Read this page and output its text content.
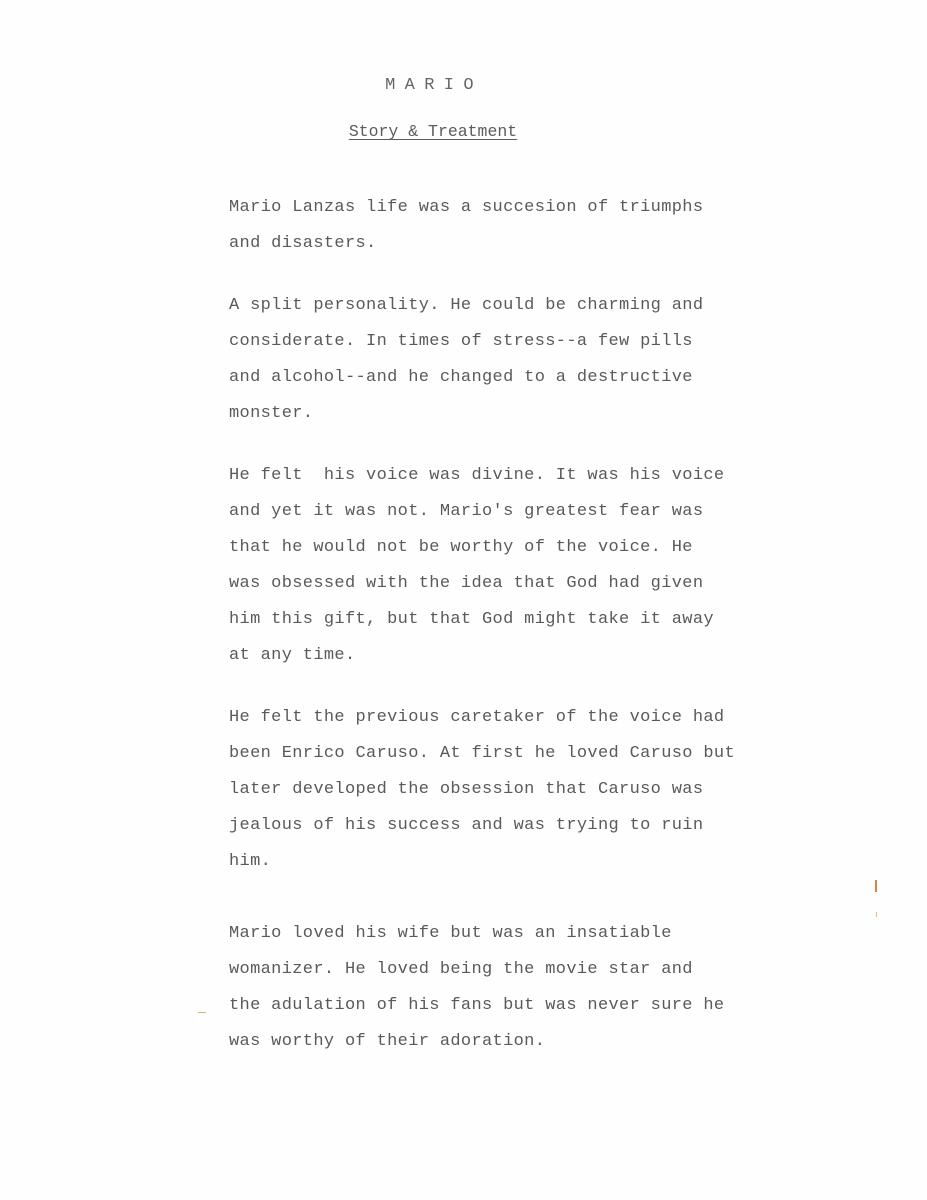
MARIO
Story & Treatment

Mario Lanzas life was a succesion of triumphs
and disasters.

A split personality. He could be charming and
considerate. In times of stress--a few pills
and alcohol--and he changed to a destructive
monster.

He felt  his voice was divine. It was his voice
and yet it was not. Mario's greatest fear was
that he would not be worthy of the voice. He
was obsessed with the idea that God had given
him this gift, but that God might take it away
at any time.

He felt the previous caretaker of the voice had
been Enrico Caruso. At first he loved Caruso but
later developed the obsession that Caruso was
jealous of his success and was trying to ruin
him.

Mario loved his wife but was an insatiable
womanizer. He loved being the movie star and
the adulation of his fans but was never sure he
was worthy of their adoration.
